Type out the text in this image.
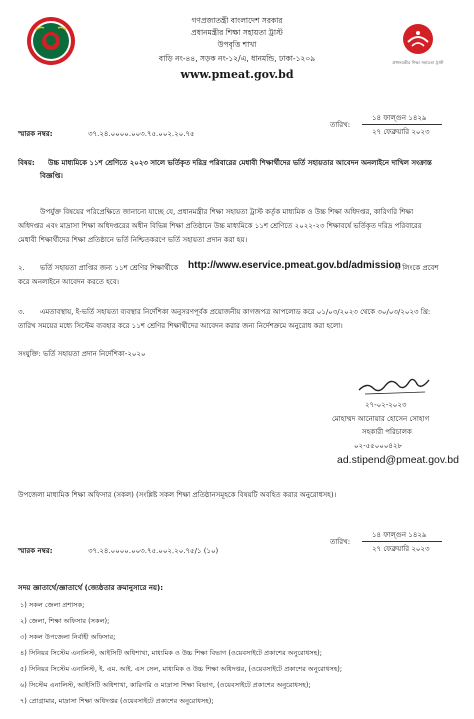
প্রধানমন্ত্রীর শিক্ষা সহায়তা ট্রাস্ট
গণপ্রজাতন্ত্রী বাংলাদেশ সরকার
প্রধানমন্ত্রীর শিক্ষা সহায়তা ট্রাস্ট
উপবৃত্তি শাখা
বাড়ি নং-৪৪, সড়ক নং-১২/এ, ধানমন্ডি, ঢাকা-১২০৯
www.pmeat.gov.bd
১৪ ফাল্গুন ১৪২৯
তারিখ:
২৭ ফেব্রুয়ারি ২০২৩
স্মারক নম্বর:	৩৭.২৪.০০০০.০০৩.৭৫.০০২.২০.৭৫
বিষয়: উচ্চ মাধ্যমিকে ১১শ শ্রেণিতে ২০২৩ সালে ভর্তিকৃত দরিদ্র পরিবারের মেধাবী শিক্ষার্থীদের ভর্তি সহায়তার আবেদন অনলাইনে দাখিল সংক্রান্ত
বিজ্ঞপ্তি।
উপর্যুক্ত বিষয়ের পরিপ্রেক্ষিতে জানানো যাচ্ছে যে, প্রধানমন্ত্রীর শিক্ষা সহায়তা ট্রাস্ট কর্তৃক মাধ্যমিক ও উচ্চ শিক্ষা অধিদপ্তর, কারিগরি শিক্ষা
অধিদপ্তর এবং মাদ্রাসা শিক্ষা অধিদপ্তরের অধীন বিভিন্ন শিক্ষা প্রতিষ্ঠানে উচ্চ মাধ্যমিকে ১১শ শ্রেণিতে ২০২২-২৩ শিক্ষাবর্ষে ভর্তিকৃত দরিদ্র পরিবারের
মেধাবী শিক্ষার্থীদের শিক্ষা প্রতিষ্ঠানে ভর্তি নিশ্চিতকরণে ভর্তি সহায়তা প্রদান করা হয়।
২. ভর্তি সহায়তা প্রাপ্তির জন্য ১১শ শ্রেণির শিক্ষার্থীকে http://www.eservice.pmeat.gov.bd/admission
- এ লিংকে প্রবেশ
করে অনলাইনে আবেদন করতে হবে।
৩. এমতাবস্থায়, ই-ভর্তি সহায়তা ব্যবস্থার নির্দেশিকা অনুসরণপূর্বক প্রয়োজনীয় কাগজপত্র আপলোড করে ০১/০৩/২০২৩ থেকে ৩০/০৩/২০২৩ খ্রি:
তারিখ সময়ের মধ্যে সিস্টেম ব্যবহার করে ১১শ শ্রেণির শিক্ষার্থীদের আবেদন করার জন্য নির্দেশক্রমে অনুরোধ করা হলো।
সংযুক্তি: ভর্তি সহায়তা প্রদান নির্দেশিকা-২০২০
২৭-০২-২০২৩
মোহাম্মদ আনোয়ার হোসেন সোহাগ
সহকারী পরিচালক
০২-৫৫০০০৪২৮
ad.stipend@pmeat.gov.bd
উপজেলা মাধ্যমিক শিক্ষা অফিসার (সকল) (সংশ্লিষ্ট সকল শিক্ষা প্রতিষ্ঠানসমূহকে বিষয়টি অবহিত করার অনুরোধসহ)।
১৪ ফাল্গুন ১৪২৯
তারিখ:
২৭ ফেব্রুয়ারি ২০২৩
স্মারক নম্বর:	৩৭.২৪.০০০০.০০৩.৭৫.০০২.২০.৭৫/১ (১০)
সদয় জ্ঞাতার্থে/জ্ঞাতার্থে (জ্যেষ্ঠতার ক্রমানুসারে নয়):
১) সকল জেলা প্রশাসক;
২) জেলা, শিক্ষা অফিসার (সকল);
৩) সকল উপজেলা নির্বাহী অফিসার;
৪) সিনিয়র সিস্টেম এনালিস্ট, আইসিটি অধিশাখা, মাধ্যমিক ও উচ্চ শিক্ষা বিভাগ (ওয়েবসাইটে প্রকাশের অনুরোধসহ);
৫) সিনিয়র সিস্টেম এনালিস্ট, ই. এম. আই. এস সেল, মাধ্যমিক ও উচ্চ শিক্ষা অধিদপ্তর, (ওয়েবসাইটে প্রকাশের অনুরোধসহ);
৬) সিস্টেম এনালিস্ট, আইসিটি অধিশাখা, কারিগরি ও মাদ্রাসা শিক্ষা বিভাগ, (ওয়েবসাইটে প্রকাশের অনুরোধসহ);
৭) প্রোগ্রামার, মাদ্রাসা শিক্ষা অধিদপ্তর (ওয়েবসাইটে প্রকাশের অনুরোধসহ);
